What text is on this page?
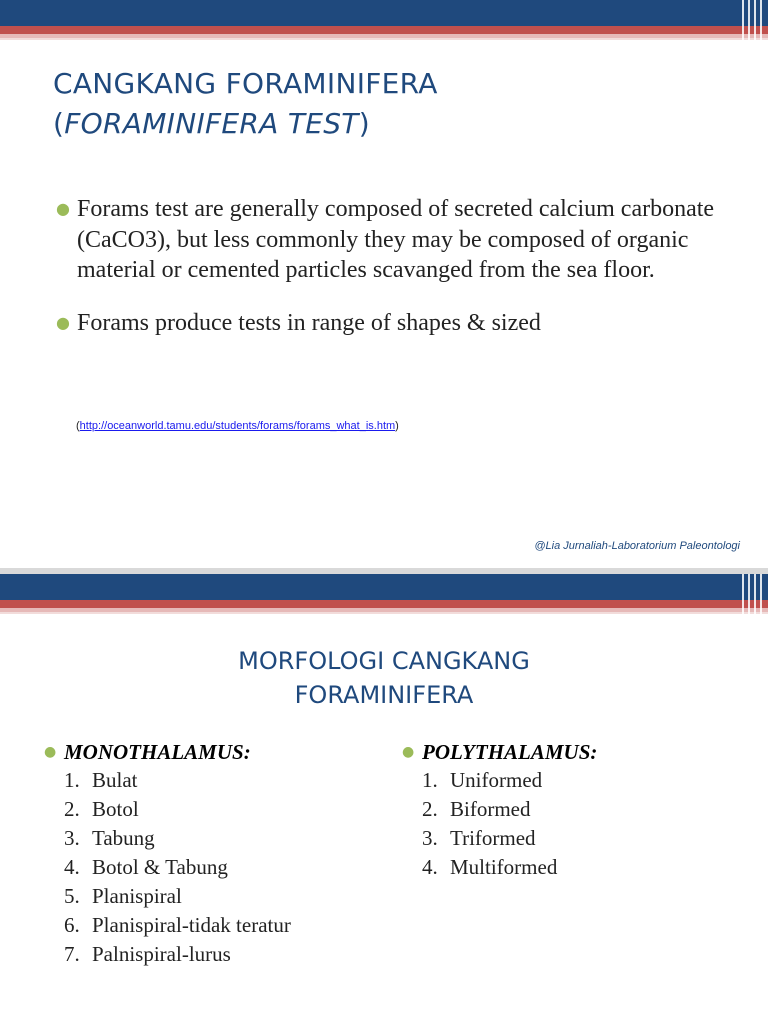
CANGKANG FORAMINIFERA
(FORAMINIFERA TEST)
● Forams test are generally composed of secreted calcium carbonate (CaCO3), but less commonly they may be composed of organic material or cemented particles scavanged from the sea floor.
● Forams produce tests in range of shapes & sized
(http://oceanworld.tamu.edu/students/forams/forams_what_is.htm)
@Lia Jurnaliah-Laboratorium Paleontologi
MORFOLOGI CANGKANG
FORAMINIFERA
● MONOTHALAMUS:
1. Bulat
2. Botol
3. Tabung
4. Botol & Tabung
5. Planispiral
6. Planispiral-tidak teratur
7. Palnispiral-lurus
● POLYTHALAMUS:
1. Uniformed
2. Biformed
3. Triformed
4. Multiformed
